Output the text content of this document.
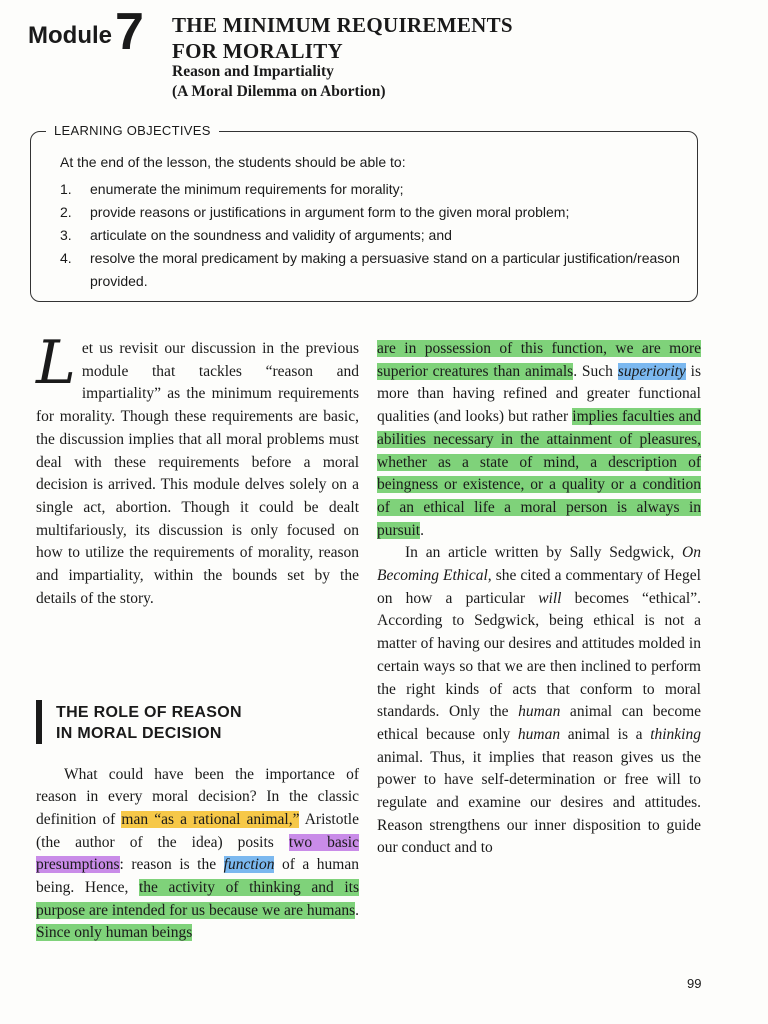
Module 7 THE MINIMUM REQUIREMENTS
FOR MORALITY
Reason and Impartiality
(A Moral Dilemma on Abortion)
LEARNING OBJECTIVES
At the end of the lesson, the students should be able to:
1. enumerate the minimum requirements for morality;
2. provide reasons or justifications in argument form to the given moral problem;
3. articulate on the soundness and validity of arguments; and
4. resolve the moral predicament by making a persuasive stand on a particular justification/reason provided.

Let us revisit our discussion in the previous module that tackles “reason and impartiality” as the minimum requirements for morality. Though these requirements are basic, the discussion implies that all moral problems must deal with these requirements before a moral decision is arrived. This module delves solely on a single act, abortion. Though it could be dealt multifariously, its discussion is only focused on how to utilize the requirements of morality, reason and impartiality, within the bounds set by the details of the story.

THE ROLE OF REASON
IN MORAL DECISION

What could have been the importance of reason in every moral decision? In the classic definition of man “as a rational animal,” Aristotle (the author of the idea) posits two basic presumptions: reason is the function of a human being. Hence, the activity of thinking and its purpose are intended for us because we are humans. Since only human beings

are in possession of this function, we are more superior creatures than animals. Such superiority is more than having refined and greater functional qualities (and looks) but rather implies faculties and abilities necessary in the attainment of pleasures, whether as a state of mind, a description of beingness or existence, or a quality or a condition of an ethical life a moral person is always in pursuit.

In an article written by Sally Sedgwick, On Becoming Ethical, she cited a commentary of Hegel on how a particular will becomes “ethical”. According to Sedgwick, being ethical is not a matter of having our desires and attitudes molded in certain ways so that we are then inclined to perform the right kinds of acts that conform to moral standards. Only the human animal can become ethical because only human animal is a thinking animal. Thus, it implies that reason gives us the power to have self-determination or free will to regulate and examine our desires and attitudes. Reason strengthens our inner disposition to guide our conduct and to

99
